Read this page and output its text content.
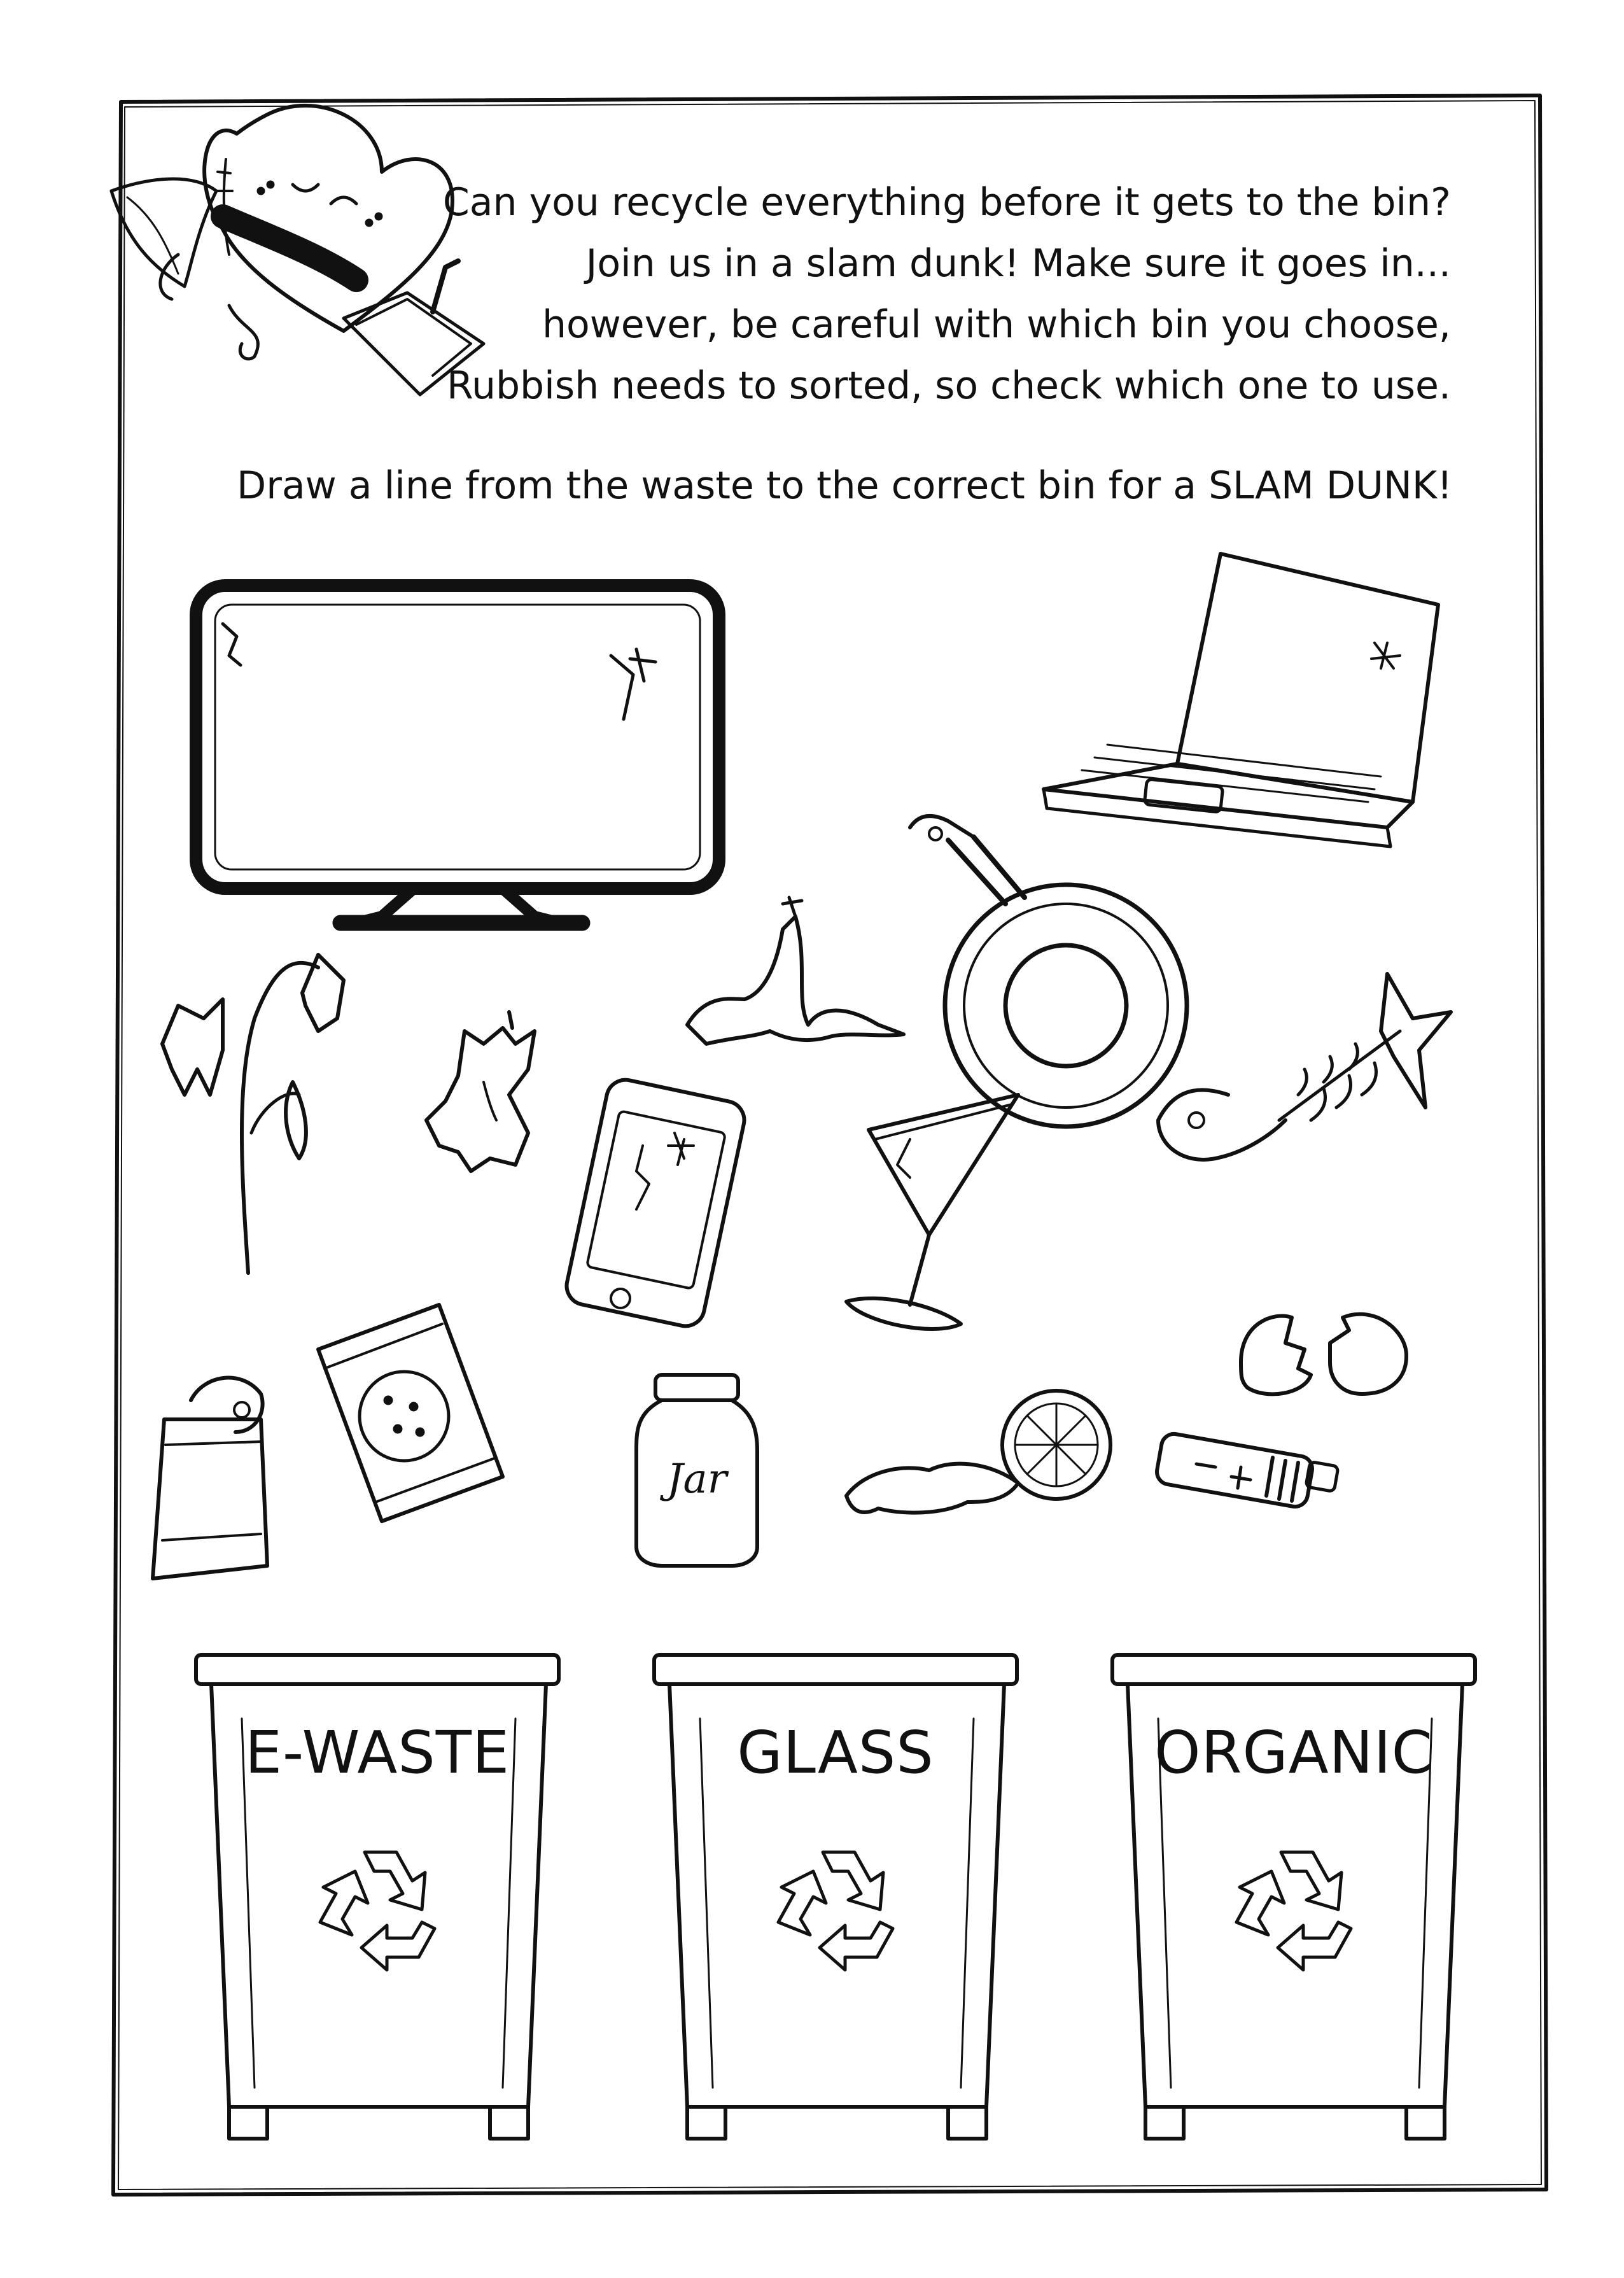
Jar
Can you recycle everything before it gets to the bin?
Join us in a slam dunk! Make sure it goes in...
however, be careful with which bin you choose,
Rubbish needs to sorted, so check which one to use.
Draw a line from the waste to the correct bin for a SLAM DUNK!
E-WASTE	GLASS	ORGANIC
